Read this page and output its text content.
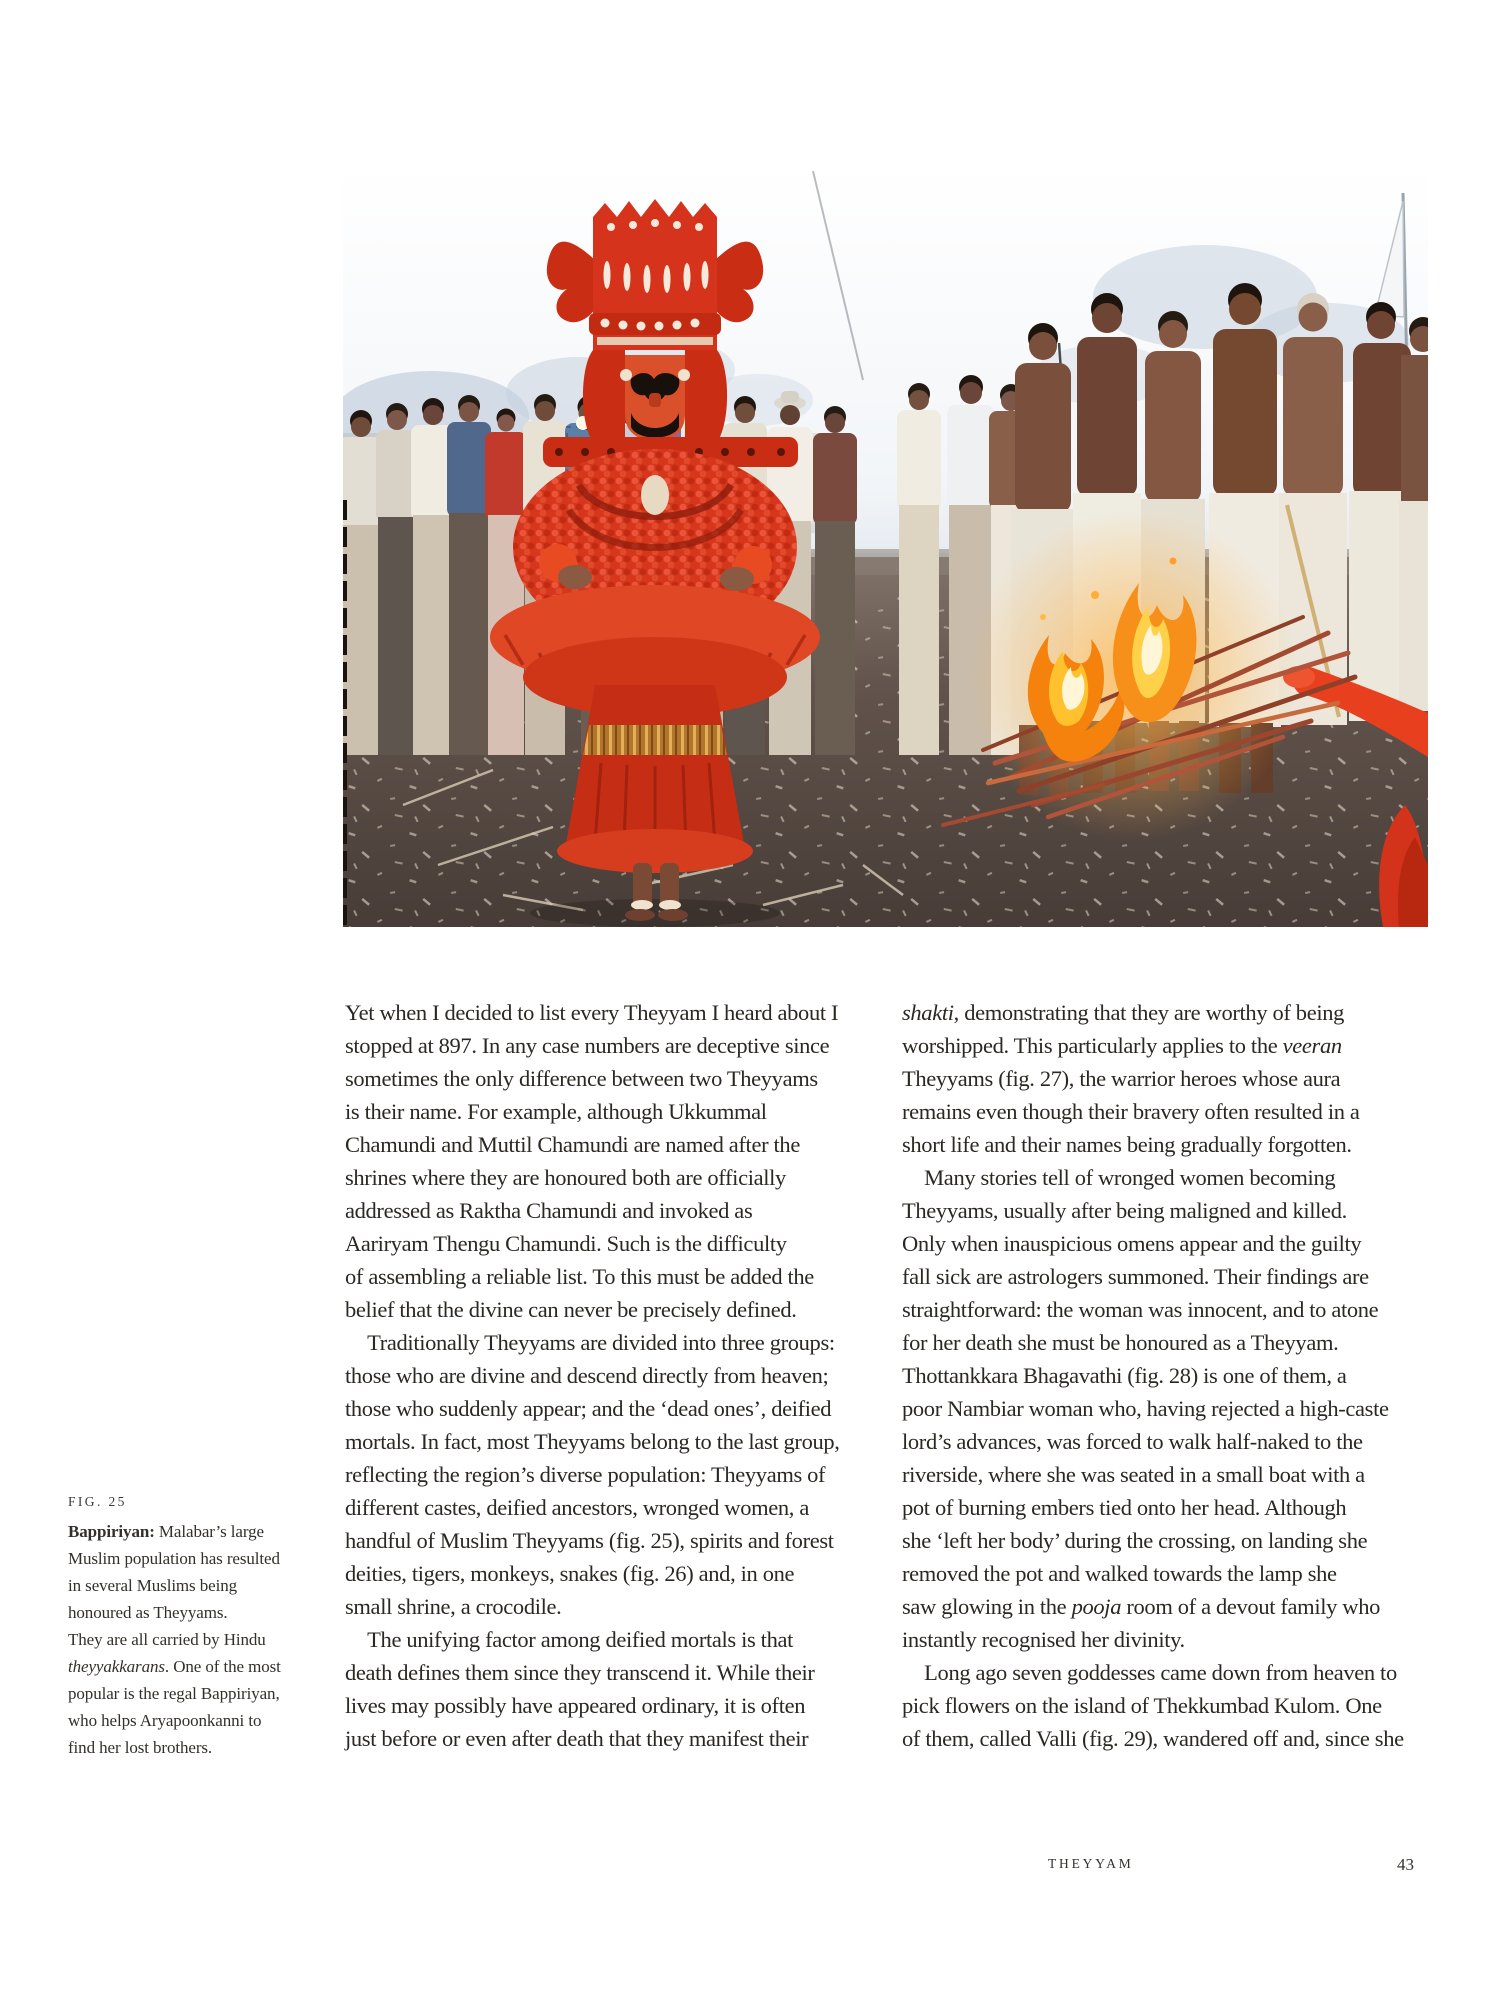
Yet when I decided to list every Theyyam I heard about I
stopped at 897. In any case numbers are deceptive since
sometimes the only difference between two Theyyams
is their name. For example, although Ukkummal
Chamundi and Muttil Chamundi are named after the
shrines where they are honoured both are officially
addressed as Raktha Chamundi and invoked as
Aariryam Thengu Chamundi. Such is the difficulty
of assembling a reliable list. To this must be added the
belief that the divine can never be precisely defined.
 Traditionally Theyyams are divided into three groups:
those who are divine and descend directly from heaven;
those who suddenly appear; and the ‘dead ones’, deified
mortals. In fact, most Theyyams belong to the last group,
reflecting the region’s diverse population: Theyyams of
different castes, deified ancestors, wronged women, a
handful of Muslim Theyyams (fig. 25), spirits and forest
deities, tigers, monkeys, snakes (fig. 26) and, in one
small shrine, a crocodile.
 The unifying factor among deified mortals is that
death defines them since they transcend it. While their
lives may possibly have appeared ordinary, it is often
just before or even after death that they manifest their
shakti, demonstrating that they are worthy of being
worshipped. This particularly applies to the veeran
Theyyams (fig. 27), the warrior heroes whose aura
remains even though their bravery often resulted in a
short life and their names being gradually forgotten.
 Many stories tell of wronged women becoming
Theyyams, usually after being maligned and killed.
Only when inauspicious omens appear and the guilty
fall sick are astrologers summoned. Their findings are
straightforward: the woman was innocent, and to atone
for her death she must be honoured as a Theyyam.
Thottankkara Bhagavathi (fig. 28) is one of them, a
poor Nambiar woman who, having rejected a high-caste
lord’s advances, was forced to walk half-naked to the
riverside, where she was seated in a small boat with a
pot of burning embers tied onto her head. Although
she ‘left her body’ during the crossing, on landing she
removed the pot and walked towards the lamp she
saw glowing in the pooja room of a devout family who
instantly recognised her divinity.
 Long ago seven goddesses came down from heaven to
pick flowers on the island of Thekkumbad Kulom. One
of them, called Valli (fig. 29), wandered off and, since she
FIG. 25
Bappiriyan: Malabar’s large
Muslim population has resulted
in several Muslims being
honoured as Theyyams.
They are all carried by Hindu
theyyakkarans. One of the most
popular is the regal Bappiriyan,
who helps Aryapoonkanni to
find her lost brothers.
THEYYAM	43
